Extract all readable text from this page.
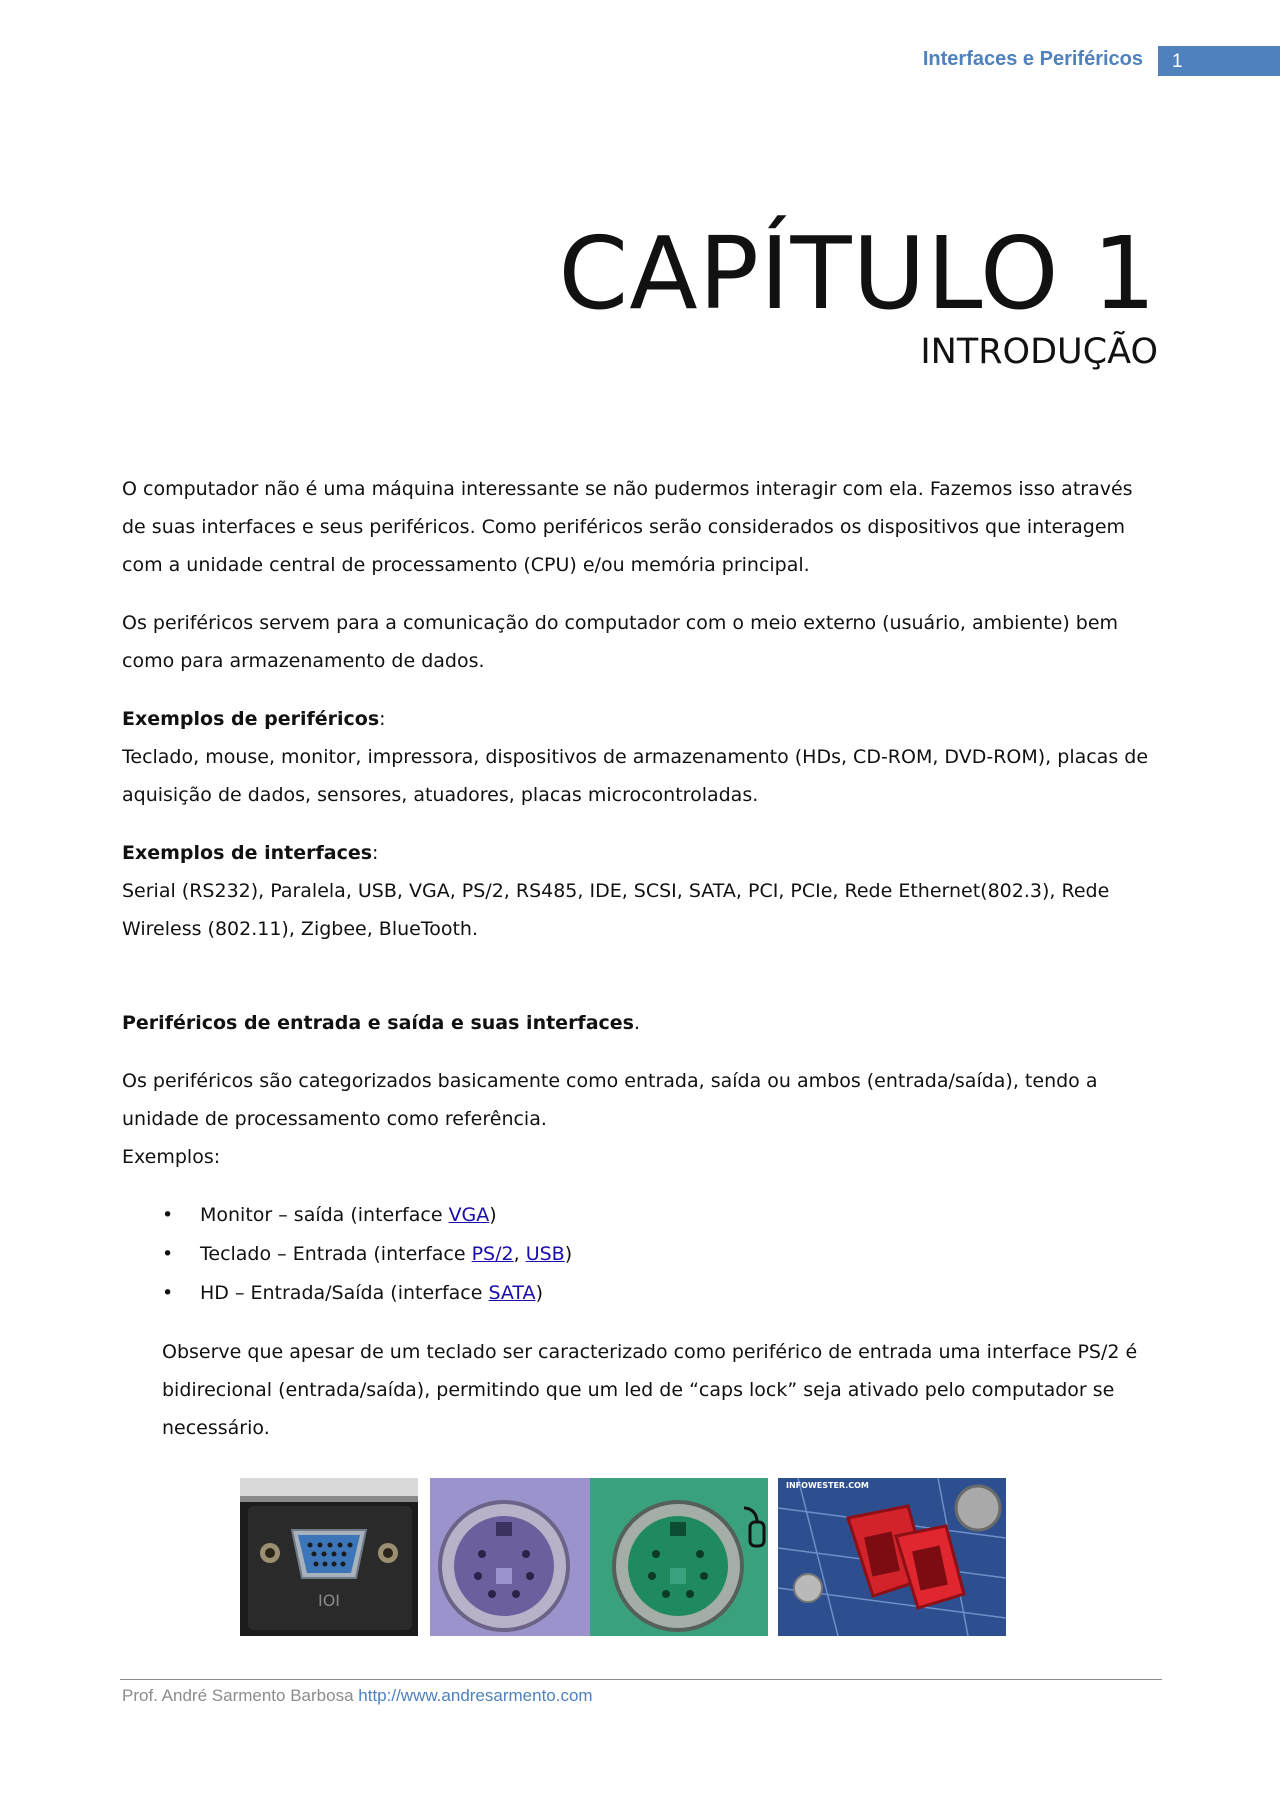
Interfaces e Periféricos 1
CAPÍTULO 1
INTRODUÇÃO

O computador não é uma máquina interessante se não pudermos interagir com ela. Fazemos isso através de suas interfaces e seus periféricos. Como periféricos serão considerados os dispositivos que interagem com a unidade central de processamento (CPU) e/ou memória principal.

Os periféricos servem para a comunicação do computador com o meio externo (usuário, ambiente) bem como para armazenamento de dados.

Exemplos de periféricos:
Teclado, mouse, monitor, impressora, dispositivos de armazenamento (HDs, CD-ROM, DVD-ROM), placas de aquisição de dados, sensores, atuadores, placas microcontroladas.
Exemplos de interfaces:
Serial (RS232), Paralela, USB, VGA, PS/2, RS485, IDE, SCSI, SATA, PCI, PCIe, Rede Ethernet(802.3), Rede Wireless (802.11), Zigbee, BlueTooth.

Periféricos de entrada e saída e suas interfaces.

Os periféricos são categorizados basicamente como entrada, saída ou ambos (entrada/saída), tendo a unidade de processamento como referência.
Exemplos:
• Monitor – saída (interface VGA)
• Teclado – Entrada (interface PS/2, USB)
• HD – Entrada/Saída (interface SATA)

Observe que apesar de um teclado ser caracterizado como periférico de entrada uma interface PS/2 é bidirecional (entrada/saída), permitindo que um led de “caps lock” seja ativado pelo computador se necessário.

IOI
INFOWESTER.COM
Prof. André Sarmento Barbosa http://www.andresarmento.com
